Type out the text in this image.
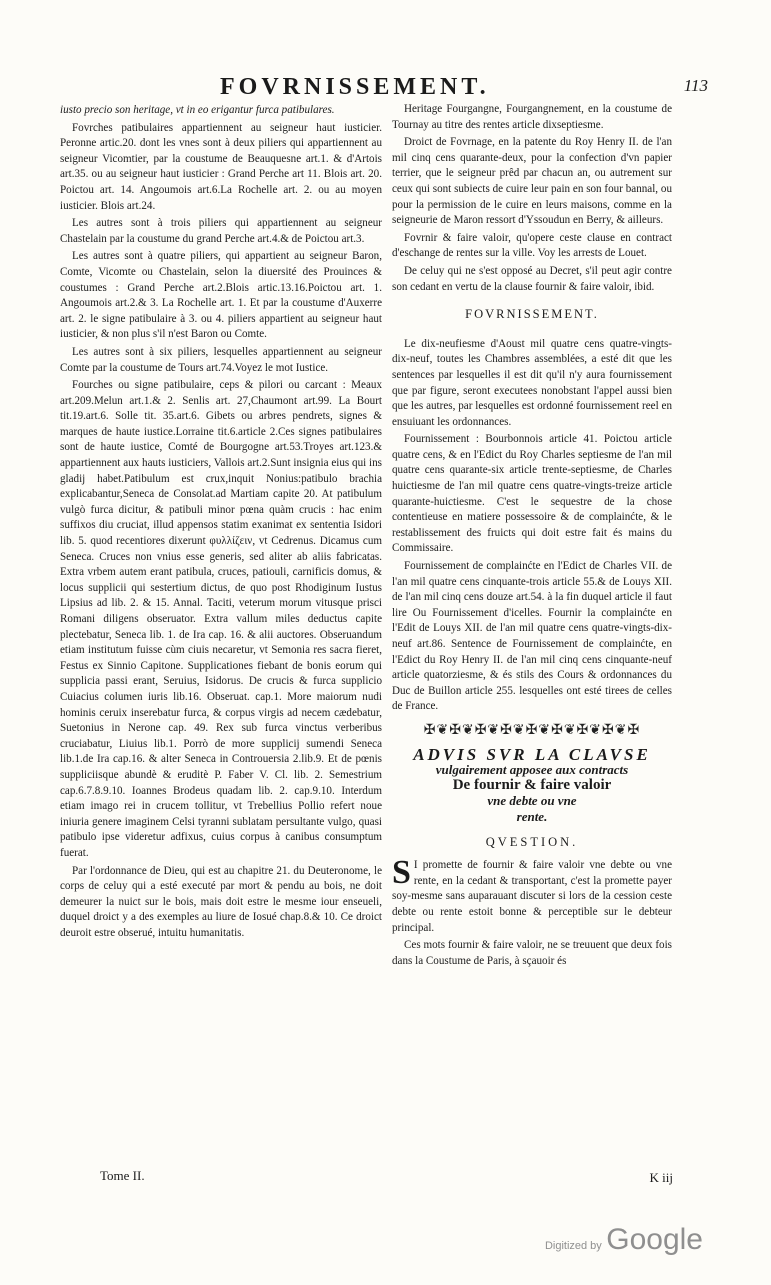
FOVRNISSEMENT.	113

iusto precio son heritage, vt in eo erigantur furca patibulares.

Fovrches patibulaires appartiennent au seigneur haut iusticier. Peronne artic.20. dont les vnes sont à deux piliers qui appartiennent au seigneur Vicomtier, par la coustume de Beauquesne art.1. & d'Artois art.35. ou au seigneur haut iusticier : Grand Perche art 11. Blois art. 20. Poictou art. 14. Angoumois art.6.La Rochelle art. 2. ou au moyen iusticier. Blois art.24.

Les autres sont à trois piliers qui appartiennent au seigneur Chastelain par la coustume du grand Perche art.4.& de Poictou art.3.

Les autres sont à quatre piliers, qui appartient au seigneur Baron, Comte, Vicomte ou Chastelain, selon la diuersité des Prouinces & coustumes : Grand Perche art.2.Blois artic.13.16.Poictou art. 1. Angoumois art.2.& 3. La Rochelle art. 1. Et par la coustume d'Auxerre art. 2. le signe patibulaire à 3. ou 4. piliers appartient au seigneur haut iusticier, & non plus s'il n'est Baron ou Comte.

Les autres sont à six piliers, lesquelles appartiennent au seigneur Comte par la coustume de Tours art.74.Voyez le mot Iustice.

Fourches ou signe patibulaire, ceps & pilori ou carcant : Meaux art.209.Melun art.1.& 2. Senlis art. 27,Chaumont art.99. La Bourt tit.19.art.6. Solle tit. 35.art.6. Gibets ou arbres pendrets, signes & marques de haute iustice.Lorraine tit.6.article 2.Ces signes patibulaires sont de haute iustice, Comté de Bourgogne art.53.Troyes art.123.& appartiennent aux hauts iusticiers, Vallois art.2.Sunt insignia eius qui ins gladij habet.Patibulum est crux,inquit Nonius:patibulo brachia explicabantur,Seneca de Consolat.ad Martiam capite 20. At patibulum vulgò furca dicitur, & patibuli minor pœna quàm crucis : hac enim suffixos diu cruciat, illud appensos statim exanimat ex sententia Isidori lib. 5. quod recentiores dixerunt φυλλίζειν, vt Cedrenus. Dicamus cum Seneca. Cruces non vnius esse generis, sed aliter ab aliis fabricatas. Extra vrbem autem erant patibula, cruces, patiouli, carnificis domus, & locus supplicii qui sestertium dictus, de quo post Rhodiginum Iustus Lipsius ad lib. 2. & 15. Annal. Taciti, veterum morum vitusque prisci Romani diligens obseruator. Extra vallum miles deductus capite plectebatur, Seneca lib. 1. de Ira cap. 16. & alii auctores. Obseruandum etiam institutum fuisse cùm ciuis necaretur, vt Semonia res sacra fieret, Festus ex Sinnio Capitone. Supplicationes fiebant de bonis eorum qui supplicia passi erant, Seruius, Isidorus. De crucis & furca supplicio Cuiacius columen iuris lib.16. Obseruat. cap.1. More maiorum nudi hominis ceruix inserebatur furca, & corpus virgis ad necem cædebatur, Suetonius in Nerone cap. 49. Rex sub furca vinctus verberibus cruciabatur, Liuius lib.1. Porrò de more supplicij sumendi Seneca lib.1.de Ira cap.16. & alter Seneca in Controuersia 2.lib.9. Et de pœnis suppliciisque abundè & eruditè P. Faber V. Cl. lib. 2. Semestrium cap.6.7.8.9.10. Ioannes Brodeus quadam lib. 2. cap.9.10. Interdum etiam imago rei in crucem tollitur, vt Trebellius Pollio refert noue iniuria genere imaginem Celsi tyranni sublatam persultante vulgo, quasi patibulo ipse videretur adfixus, cuius corpus à canibus consumptum fuerat.

Par l'ordonnance de Dieu, qui est au chapitre 21. du Deuteronome, le corps de celuy qui a esté executé par mort & pendu au bois, ne doit demeurer la nuict sur le bois, mais doit estre le mesme iour enseueli, duquel droict y a des exemples au liure de Iosué chap.8.& 10. Ce droict deuroit estre obserué, intuitu humanitatis.

Heritage Fourgangne, Fourgangnement, en la coustume de Tournay au titre des rentes article dixseptiesme.

Droict de Fovrnage, en la patente du Roy Henry II. de l'an mil cinq cens quarante-deux, pour la confection d'vn papier terrier, que le seigneur prêd par chacun an, ou autrement sur ceux qui sont subiects de cuire leur pain en son four bannal, ou pour la permission de le cuire en leurs maisons, comme en la seigneurie de Maron ressort d'Yssoudun en Berry, & ailleurs.

Fovrnir & faire valoir, qu'opere ceste clause en contract d'eschange de rentes sur la ville. Voy les arrests de Louet.

De celuy qui ne s'est opposé au Decret, s'il peut agir contre son cedant en vertu de la clause fournir & faire valoir, ibid.

FOVRNISSEMENT.

Le dix-neufiesme d'Aoust mil quatre cens quatre-vingts-dix-neuf, toutes les Chambres assemblées, a esté dit que les sentences par lesquelles il est dit qu'il n'y aura fournissement que par figure, seront executees nonobstant l'appel aussi bien que les autres, par lesquelles est ordonné fournissement reel en ensuiuant les ordonnances.

Fournissement : Bourbonnois article 41. Poictou article quatre cens, & en l'Edict du Roy Charles septiesme de l'an mil quatre cens quarante-six article trente-septiesme, de Charles huictiesme de l'an mil quatre cens quatre-vingts-treize article quarante-huictiesme. C'est le sequestre de la chose contentieuse en matiere possessoire & de complainćte, & le restablissement des fruicts qui doit estre fait és mains du Commissaire.

Fournissement de complainćte en l'Edict de Charles VII. de l'an mil quatre cens cinquante-trois article 55.& de Louys XII. de l'an mil cinq cens douze art.54. à la fin duquel article il faut lire Ou Fournissement d'icelles. Fournir la complainćte en l'Edit de Louys XII. de l'an mil quatre cens quatre-vingts-dix-neuf art.86. Sentence de Fournissement de complainćte, en l'Edict du Roy Henry II. de l'an mil cinq cens cinquante-neuf article quatorziesme, & és stils des Cours & ordonnances du Duc de Buillon article 255. lesquelles ont esté tirees de celles de France.

✠❦✠❦✠❦✠❦✠❦✠❦✠❦✠❦✠
ADVIS SVR LA CLAVSE
vulgairement apposee aux contracts
De fournir & faire valoir
vne debte ou vne
rente.
QVESTION.

S I promette de fournir & faire valoir vne debte ou vne rente, en la cedant & transportant, c'est la promette payer soy-mesme sans auparauant discuter si lors de la cession ceste debte ou rente estoit bonne & perceptible sur le debteur principal.

Ces mots fournir & faire valoir, ne se treuuent que deux fois dans la Coustume de Paris, à sçauoir és

Tome II.	K iij
Digitized by Google
